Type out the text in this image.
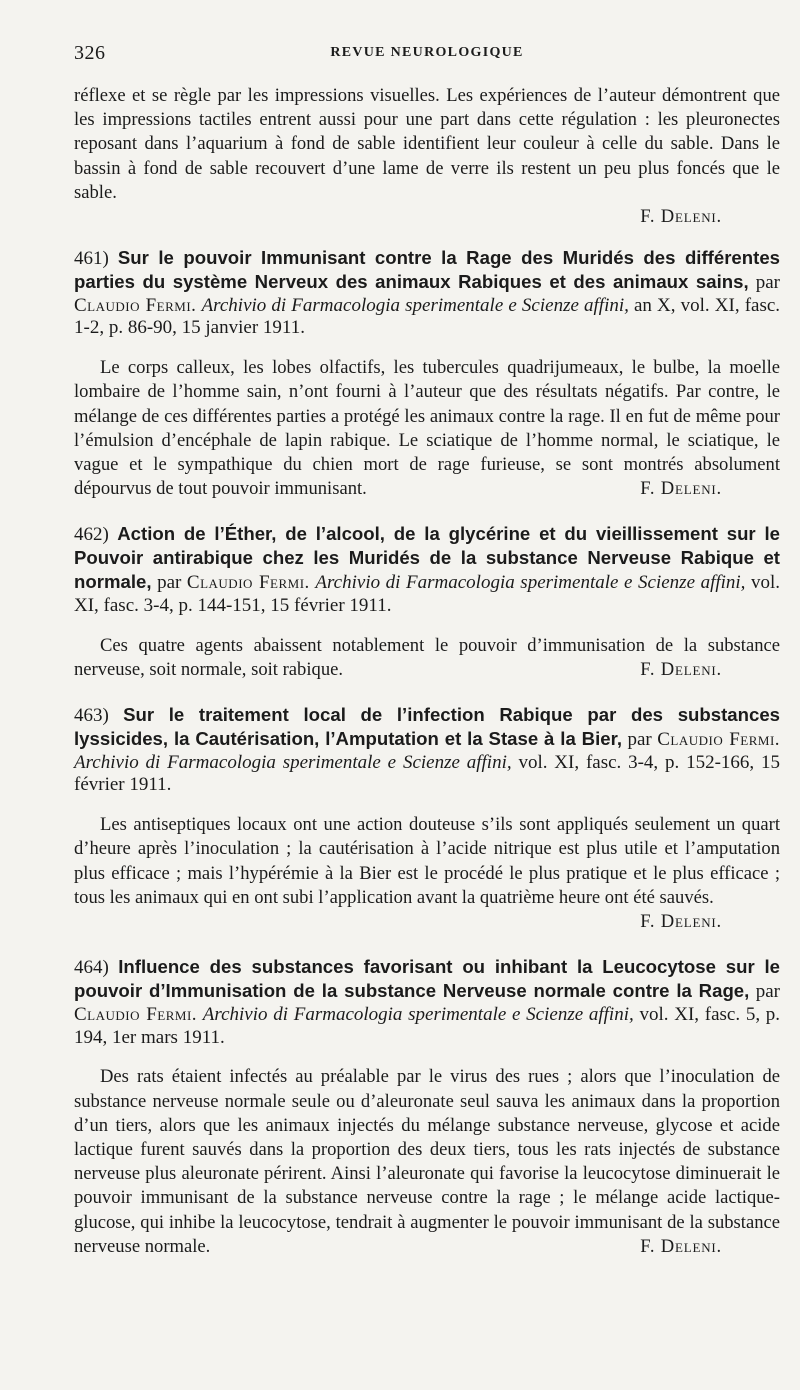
326	REVUE NEUROLOGIQUE

réflexe et se règle par les impressions visuelles. Les expériences de l’auteur démontrent que les impressions tactiles entrent aussi pour une part dans cette régulation : les pleuronectes reposant dans l’aquarium à fond de sable identifient leur couleur à celle du sable. Dans le bassin à fond de sable recouvert d’une lame de verre ils restent un peu plus foncés que le sable.

F. Deleni.
461) Sur le pouvoir Immunisant contre la Rage des Muridés des différentes parties du système Nerveux des animaux Rabiques et des animaux sains, par Claudio Fermi. Archivio di Farmacologia sperimentale e Scienze affini, an X, vol. XI, fasc. 1-2, p. 86-90, 15 janvier 1911.

Le corps calleux, les lobes olfactifs, les tubercules quadrijumeaux, le bulbe, la moelle lombaire de l’homme sain, n’ont fourni à l’auteur que des résultats négatifs. Par contre, le mélange de ces différentes parties a protégé les animaux contre la rage. Il en fut de même pour l’émulsion d’encéphale de lapin rabique. Le sciatique de l’homme normal, le sciatique, le vague et le sympathique du chien mort de rage furieuse, se sont montrés absolument dépourvus de tout pouvoir immunisant.	F. Deleni.

462) Action de l’Éther, de l’alcool, de la glycérine et du vieillissement sur le Pouvoir antirabique chez les Muridés de la substance Nerveuse Rabique et normale, par Claudio Fermi. Archivio di Farmacologia sperimentale e Scienze affini, vol. XI, fasc. 3-4, p. 144-151, 15 février 1911.

Ces quatre agents abaissent notablement le pouvoir d’immunisation de la substance nerveuse, soit normale, soit rabique.	F. Deleni.

463) Sur le traitement local de l’infection Rabique par des substances lyssicides, la Cautérisation, l’Amputation et la Stase à la Bier, par Claudio Fermi. Archivio di Farmacologia sperimentale e Scienze affini, vol. XI, fasc. 3-4, p. 152-166, 15 février 1911.

Les antiseptiques locaux ont une action douteuse s’ils sont appliqués seulement un quart d’heure après l’inoculation ; la cautérisation à l’acide nitrique est plus utile et l’amputation plus efficace ; mais l’hypérémie à la Bier est le procédé le plus pratique et le plus efficace ; tous les animaux qui en ont subi l’application avant la quatrième heure ont été sauvés.
F. Deleni.

464) Influence des substances favorisant ou inhibant la Leucocytose sur le pouvoir d’Immunisation de la substance Nerveuse normale contre la Rage, par Claudio Fermi. Archivio di Farmacologia sperimentale e Scienze affini, vol. XI, fasc. 5, p. 194, 1er mars 1911.

Des rats étaient infectés au préalable par le virus des rues ; alors que l’inoculation de substance nerveuse normale seule ou d’aleuronate seul sauva les animaux dans la proportion d’un tiers, alors que les animaux injectés du mélange substance nerveuse, glycose et acide lactique furent sauvés dans la proportion des deux tiers, tous les rats injectés de substance nerveuse plus aleuronate périrent. Ainsi l’aleuronate qui favorise la leucocytose diminuerait le pouvoir immunisant de la substance nerveuse contre la rage ; le mélange acide lactique-glucose, qui inhibe la leucocytose, tendrait à augmenter le pouvoir immunisant de la substance nerveuse normale.	F. Deleni.
